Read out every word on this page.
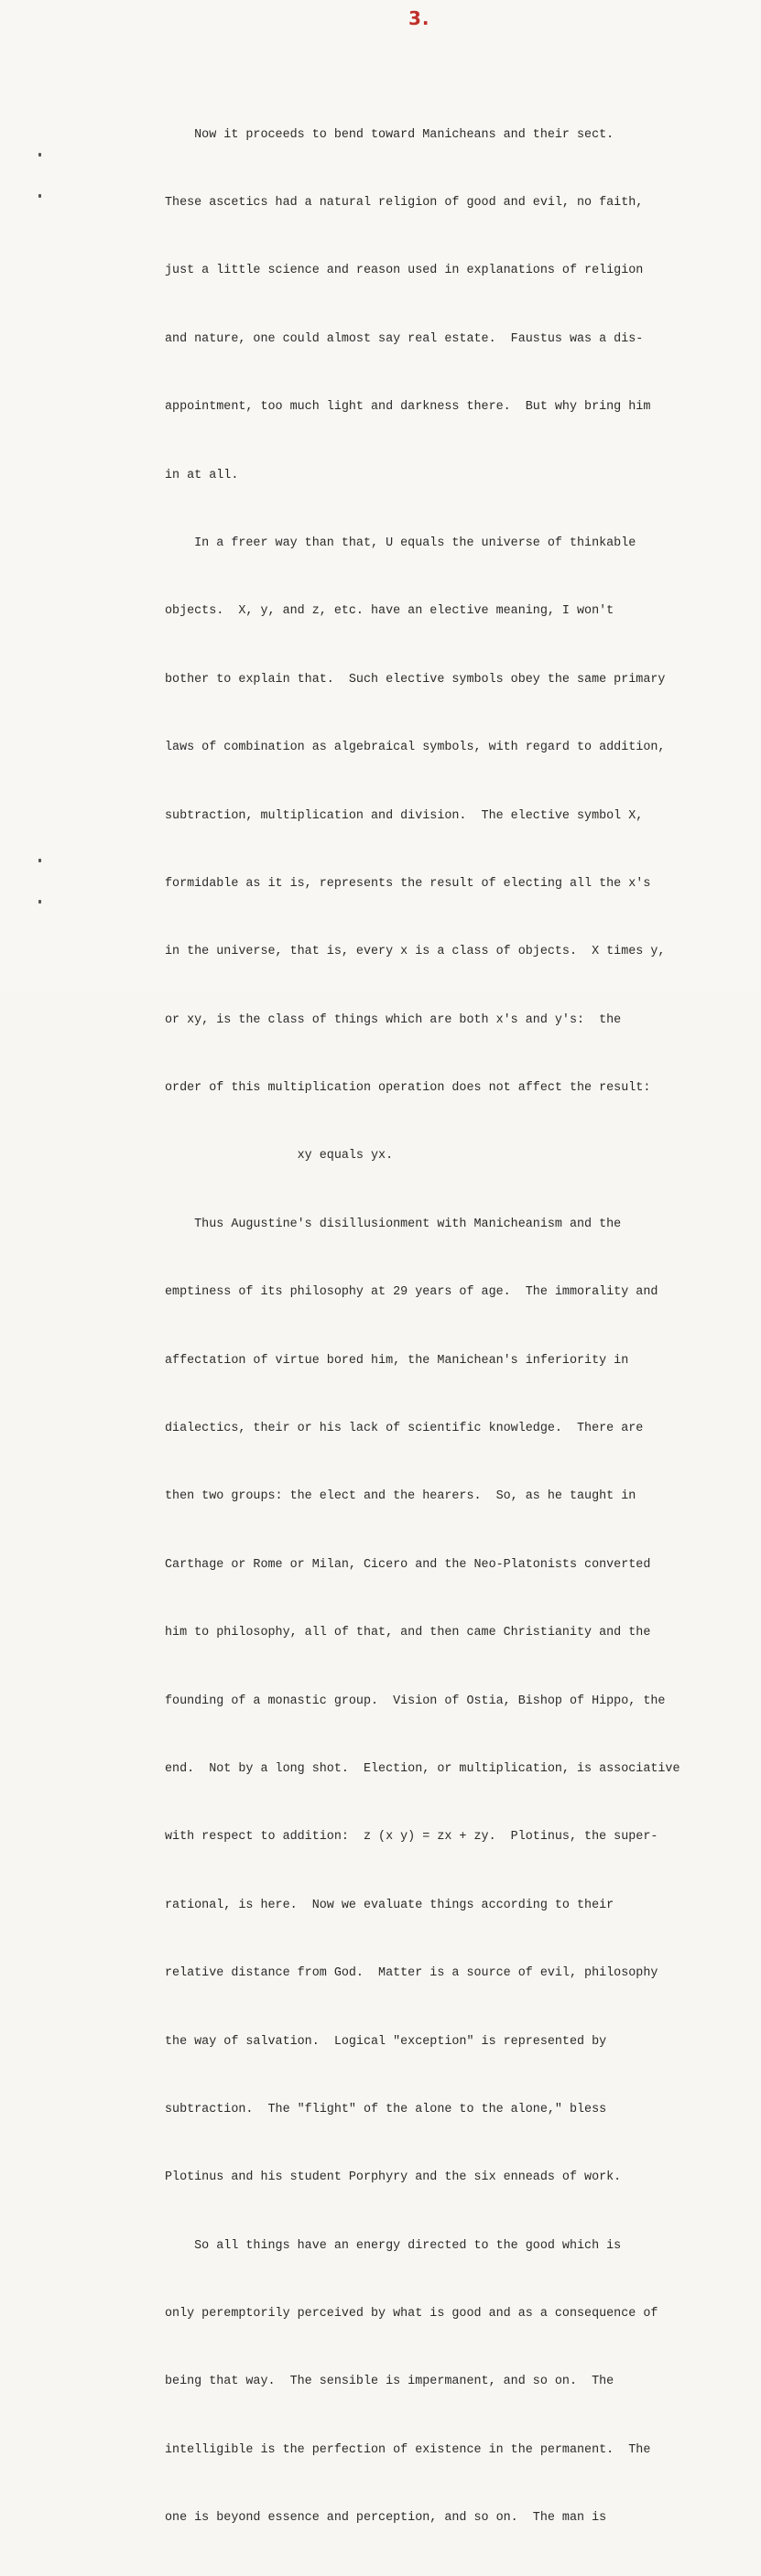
3.

Now it proceeds to bend toward Manicheans and their sect.

These ascetics had a natural religion of good and evil, no faith,

just a little science and reason used in explanations of religion

and nature, one could almost say real estate.  Faustus was a dis-

appointment, too much light and darkness there.  But why bring him

in at all.

In a freer way than that, U equals the universe of thinkable

objects.  X, y, and z, etc. have an elective meaning, I won't

bother to explain that.  Such elective symbols obey the same primary

laws of combination as algebraical symbols, with regard to addition,

subtraction, multiplication and division.  The elective symbol X,

formidable as it is, represents the result of electing all the x's

in the universe, that is, every x is a class of objects.  X times y,

or xy, is the class of things which are both x's and y's:  the

order of this multiplication operation does not affect the result:

xy equals yx.

Thus Augustine's disillusionment with Manicheanism and the

emptiness of its philosophy at 29 years of age.  The immorality and

affectation of virtue bored him, the Manichean's inferiority in

dialectics, their or his lack of scientific knowledge.  There are

then two groups: the elect and the hearers.  So, as he taught in

Carthage or Rome or Milan, Cicero and the Neo-Platonists converted

him to philosophy, all of that, and then came Christianity and the

founding of a monastic group.  Vision of Ostia, Bishop of Hippo, the

end.  Not by a long shot.  Election, or multiplication, is associative

with respect to addition:  z (x y) = zx + zy.  Plotinus, the super-

rational, is here.  Now we evaluate things according to their

relative distance from God.  Matter is a source of evil, philosophy

the way of salvation.  Logical "exception" is represented by

subtraction.  The "flight" of the alone to the alone," bless

Plotinus and his student Porphyry and the six enneads of work.

So all things have an energy directed to the good which is

only peremptorily perceived by what is good and as a consequence of

being that way.  The sensible is impermanent, and so on.  The

intelligible is the perfection of existence in the permanent.  The

one is beyond essence and perception, and so on.  The man is
